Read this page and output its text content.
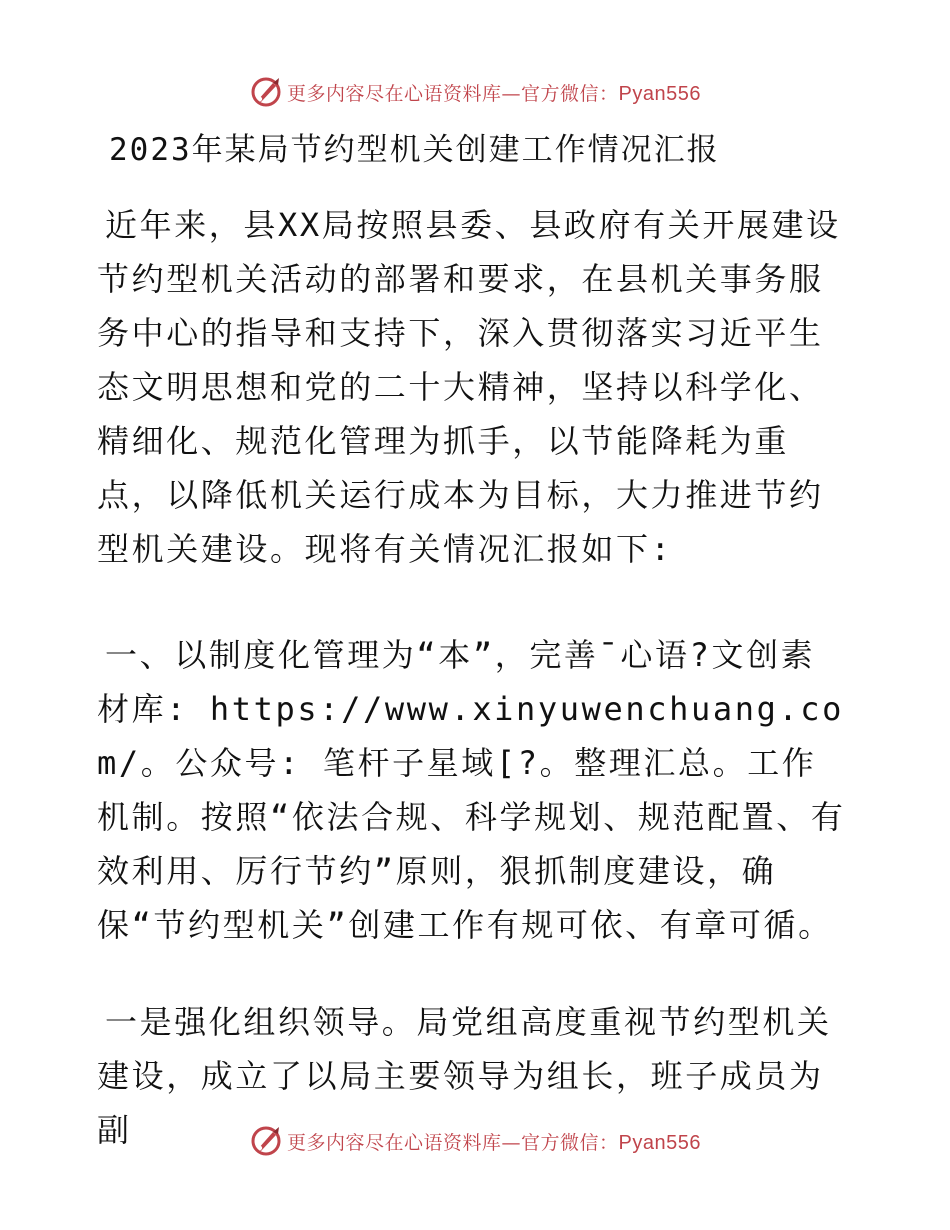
更多内容尽在心语资料库—官方微信：Pyan556
2023年某局节约型机关创建工作情况汇报

近年来，县XX局按照县委、县政府有关开展建设节约型机关活动的部署和要求，在县机关事务服务中心的指导和支持下，深入贯彻落实习近平生态文明思想和党的二十大精神，坚持以科学化、精细化、规范化管理为抓手，以节能降耗为重点，以降低机关运行成本为目标，大力推进节约型机关建设。现将有关情况汇报如下:

一、以制度化管理为“本”，完善¯心语?文创素材库: https://www.xinyuwenchuang.com/。公众号: 笔杆子星域[?。整理汇总。工作机制。按照“依法合规、科学规划、规范配置、有效利用、厉行节约”原则，狠抓制度建设，确保“节约型机关”创建工作有规可依、有章可循。

一是强化组织领导。局党组高度重视节约型机关建设，成立了以局主要领导为组长，班子成员为副	更多内容尽在心语资料库—官方微信：Pyan556
